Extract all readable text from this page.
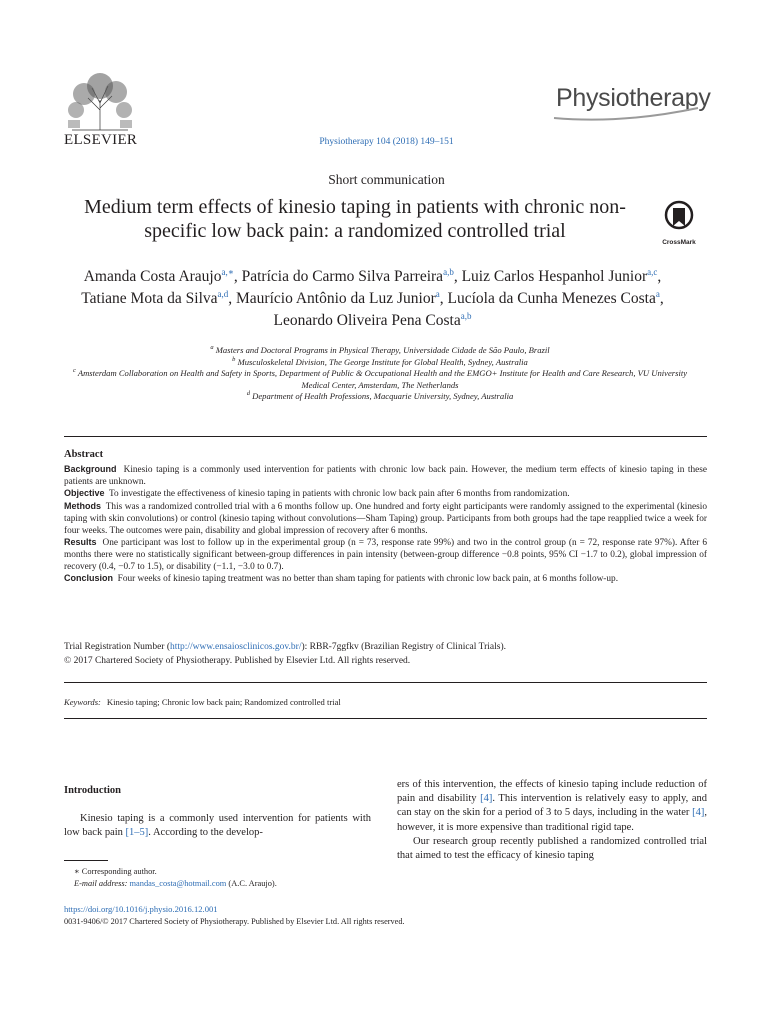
ELSEVIER
Physiotherapy
Physiotherapy 104 (2018) 149–151
Short communication
Medium term effects of kinesio taping in patients with chronic non-specific low back pain: a randomized controlled trial
CrossMark
Amanda Costa Araujo$^{a,∗}$, Patrícia do Carmo Silva Parreira$^{a,b}$, Luiz Carlos Hespanhol Junior$^{a,c}$, Tatiane Mota da Silva$^{a,d}$, Maurício Antônio da Luz Junior$^a$, Lucíola da Cunha Menezes Costa$^a$, Leonardo Oliveira Pena Costa$^{a,b}$
$^a$ Masters and Doctoral Programs in Physical Therapy, Universidade Cidade de São Paulo, Brazil
$^b$ Musculoskeletal Division, The George Institute for Global Health, Sydney, Australia
$^c$ Amsterdam Collaboration on Health and Safety in Sports, Department of Public & Occupational Health and the EMGO+ Institute for Health and Care Research, VU University Medical Center, Amsterdam, The Netherlands
$^d$ Department of Health Professions, Macquarie University, Sydney, Australia
Abstract

Background Kinesio taping is a commonly used intervention for patients with chronic low back pain. However, the medium term effects of kinesio taping in these patients are unknown.

Objective To investigate the effectiveness of kinesio taping in patients with chronic low back pain after 6 months from randomization.

Methods This was a randomized controlled trial with a 6 months follow up. One hundred and forty eight participants were randomly assigned to the experimental (kinesio taping with skin convolutions) or control (kinesio taping without convolutions—Sham Taping) group. Participants from both groups had the tape reapplied twice a week for four weeks. The outcomes were pain, disability and global impression of recovery after 6 months.

Results One participant was lost to follow up in the experimental group (n = 73, response rate 99%) and two in the control group (n = 72, response rate 97%). After 6 months there were no statistically significant between-group differences in pain intensity (between-group difference −0.8 points, 95% CI −1.7 to 0.2), global impression of recovery (0.4, −0.7 to 1.5), or disability (−1.1, −3.0 to 0.7).

Conclusion Four weeks of kinesio taping treatment was no better than sham taping for patients with chronic low back pain, at 6 months follow-up.

Trial Registration Number (http://www.ensaiosclinicos.gov.br/): RBR-7ggfkv (Brazilian Registry of Clinical Trials).
© 2017 Chartered Society of Physiotherapy. Published by Elsevier Ltd. All rights reserved.
Keywords: Kinesio taping; Chronic low back pain; Randomized controlled trial
Introduction

Kinesio taping is a commonly used intervention for patients with low back pain [1–5]. According to the develop-

ers of this intervention, the effects of kinesio taping include reduction of pain and disability [4]. This intervention is relatively easy to apply, and can stay on the skin for a period of 3 to 5 days, including in the water [4], however, it is more expensive than traditional rigid tape.

Our research group recently published a randomized controlled trial that aimed to test the efficacy of kinesio taping

∗ Corresponding author.
E-mail address: mandas_costa@hotmail.com (A.C. Araujo).
https://doi.org/10.1016/j.physio.2016.12.001
0031-9406/© 2017 Chartered Society of Physiotherapy. Published by Elsevier Ltd. All rights reserved.
